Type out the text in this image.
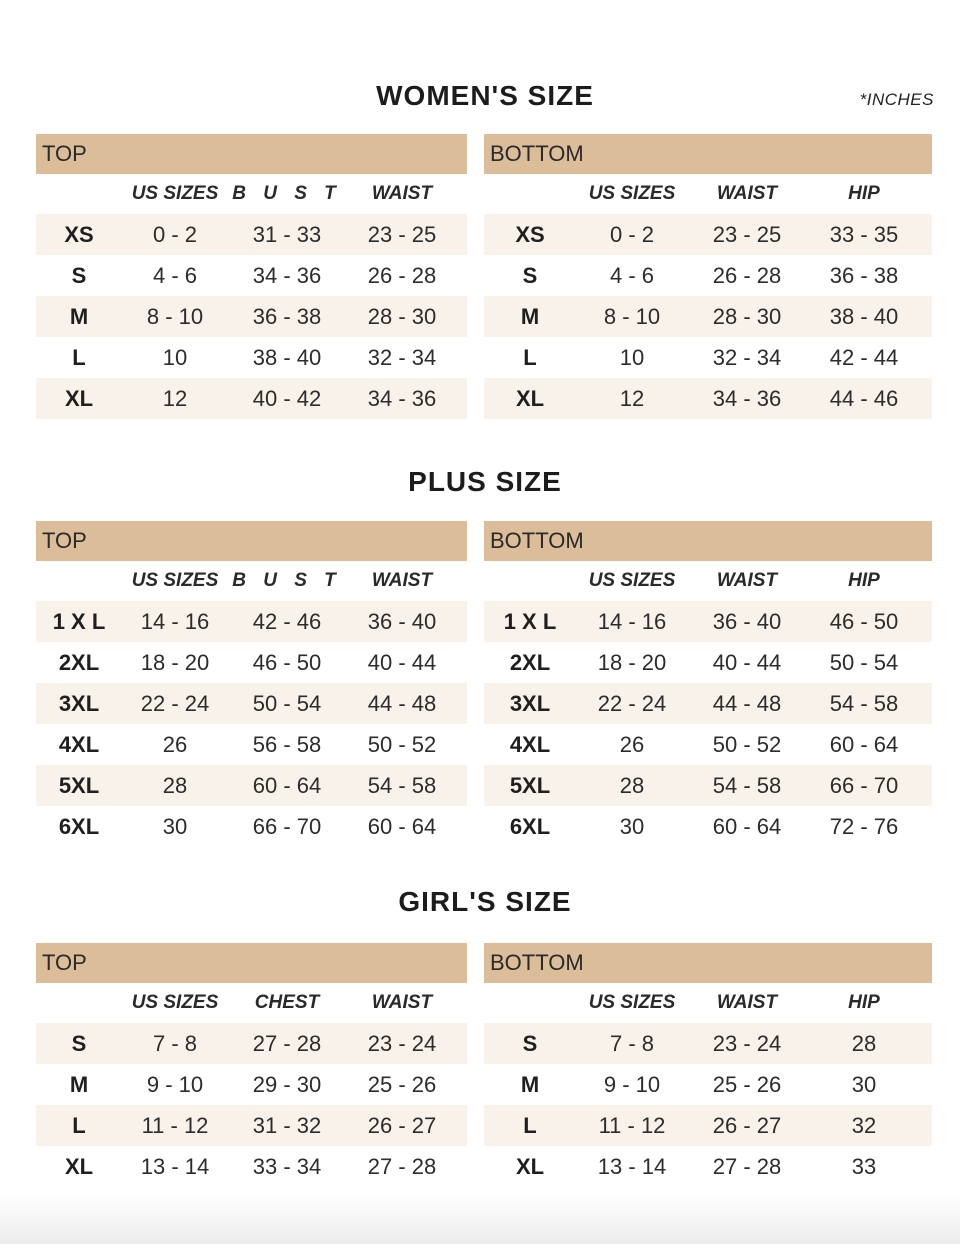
WOMEN'S SIZE	*INCHES
TOP
US SIZES B U S T	WAIST
XS	0 - 2	31 - 33	23 - 25
S	4 - 6	34 - 36	26 - 28
M	8 - 10	36 - 38	28 - 30
L	10	38 - 40	32 - 34
XL	12	40 - 42	34 - 36
BOTTOM
US SIZES	WAIST	HIP
XS	0 - 2	23 - 25	33 - 35
S	4 - 6	26 - 28	36 - 38
M	8 - 10	28 - 30	38 - 40
L	10	32 - 34	42 - 44
XL	12	34 - 36	44 - 46
PLUS SIZE
TOP
US SIZES B U S T	WAIST
1 X L	14 - 16	42 - 46	36 - 40
2XL	18 - 20	46 - 50	40 - 44
3XL	22 - 24	50 - 54	44 - 48
4XL	26	56 - 58	50 - 52
5XL	28	60 - 64	54 - 58
6XL	30	66 - 70	60 - 64
BOTTOM
US SIZES	WAIST	HIP
1 X L	14 - 16	36 - 40	46 - 50
2XL	18 - 20	40 - 44	50 - 54
3XL	22 - 24	44 - 48	54 - 58
4XL	26	50 - 52	60 - 64
5XL	28	54 - 58	66 - 70
6XL	30	60 - 64	72 - 76
GIRL'S SIZE
TOP
US SIZES	CHEST	WAIST
S	7 - 8	27 - 28	23 - 24
M	9 - 10	29 - 30	25 - 26
L	11 - 12	31 - 32	26 - 27
XL	13 - 14	33 - 34	27 - 28
BOTTOM
US SIZES	WAIST	HIP
S	7 - 8	23 - 24	28
M	9 - 10	25 - 26	30
L	11 - 12	26 - 27	32
XL	13 - 14	27 - 28	33
